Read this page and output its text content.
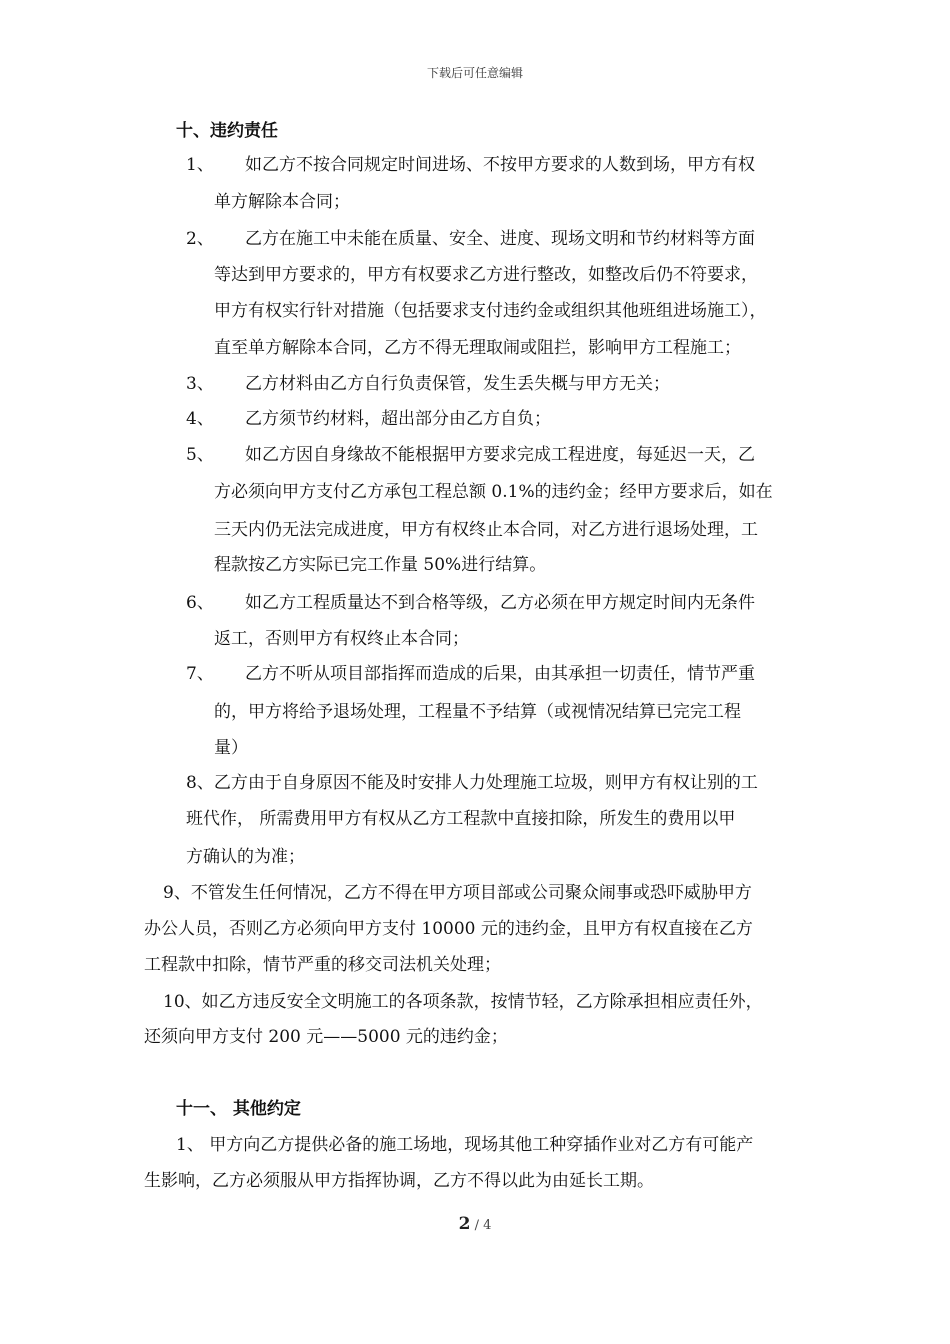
下载后可任意编辑
十、违约责任
1、 如乙方不按合同规定时间进场、不按甲方要求的人数到场，甲方有权
单方解除本合同；
2、 乙方在施工中未能在质量、安全、进度、现场文明和节约材料等方面
等达到甲方要求的，甲方有权要求乙方进行整改，如整改后仍不符要求，
甲方有权实行针对措施（包括要求支付违约金或组织其他班组进场施工），
直至单方解除本合同，乙方不得无理取闹或阻拦，影响甲方工程施工；
3、 乙方材料由乙方自行负责保管，发生丢失概与甲方无关；
4、 乙方须节约材料，超出部分由乙方自负；
5、 如乙方因自身缘故不能根据甲方要求完成工程进度，每延迟一天，乙
方必须向甲方支付乙方承包工程总额 0.1%的违约金；经甲方要求后，如在
三天内仍无法完成进度，甲方有权终止本合同，对乙方进行退场处理，工
程款按乙方实际已完工作量 50%进行结算。
6、 如乙方工程质量达不到合格等级，乙方必须在甲方规定时间内无条件
返工，否则甲方有权终止本合同；
7、 乙方不听从项目部指挥而造成的后果，由其承担一切责任，情节严重
的，甲方将给予退场处理，工程量不予结算（或视情况结算已完完工程
量）
8、乙方由于自身原因不能及时安排人力处理施工垃圾，则甲方有权让别的工
班代作， 所需费用甲方有权从乙方工程款中直接扣除，所发生的费用以甲
方确认的为准；
9、不管发生任何情况，乙方不得在甲方项目部或公司聚众闹事或恐吓威胁甲方
办公人员，否则乙方必须向甲方支付 10000 元的违约金，且甲方有权直接在乙方
工程款中扣除，情节严重的移交司法机关处理；
10、如乙方违反安全文明施工的各项条款，按情节轻，乙方除承担相应责任外，
还须向甲方支付 200 元——5000 元的违约金；
十一、 其他约定
1、 甲方向乙方提供必备的施工场地，现场其他工种穿插作业对乙方有可能产
生影响，乙方必须服从甲方指挥协调，乙方不得以此为由延长工期。
2 / 4
